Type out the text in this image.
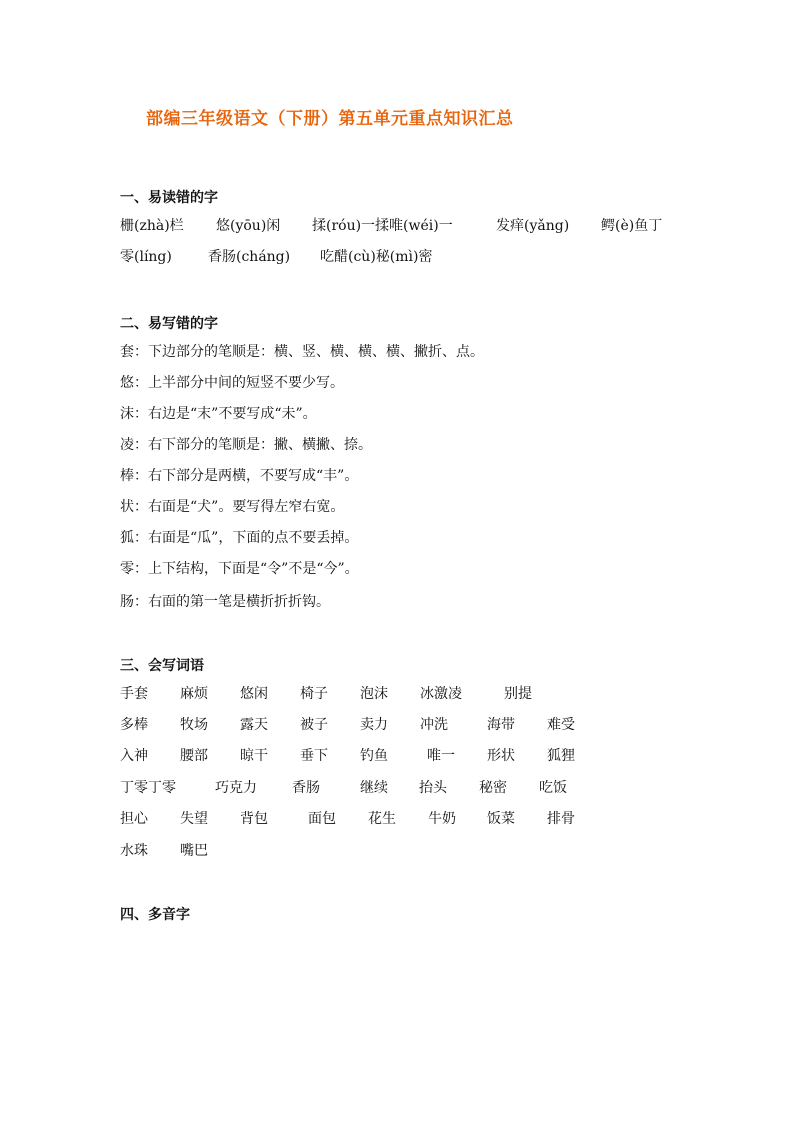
部编三年级语文（下册）第五单元重点知识汇总
一、易读错的字
栅(zhà)栏 悠(yōu)闲 揉(róu)一揉唯(wéi)一	发痒(yǎng) 鳄(è)鱼丁
零(líng)	香肠(cháng) 吃醋(cù)秘(mì)密
二、易写错的字
套：下边部分的笔顺是：横、竖、横、横、横、撇折、点。
悠：上半部分中间的短竖不要少写。
沫：右边是“末”不要写成“未”。
凌：右下部分的笔顺是：撇、横撇、捺。
棒：右下部分是两横，不要写成“丰”。
状：右面是“犬”。要写得左窄右宽。
狐：右面是“瓜”，下面的点不要丢掉。
零：上下结构，下面是“令”不是“今”。
肠：右面的第一笔是横折折折钩。
三、会写词语
手套 麻烦 悠闲 椅子 泡沫 冰激凌	别提
多棒 牧场 露天 被子 卖力 冲洗	海带 难受
入神 腰部 晾干 垂下 钓鱼	唯一 形状 狐狸
丁零丁零	巧克力	香肠	继续 抬头 秘密 吃饭
担心 失望 背包	面包 花生 牛奶 饭菜 排骨
水珠 嘴巴
四、多音字
